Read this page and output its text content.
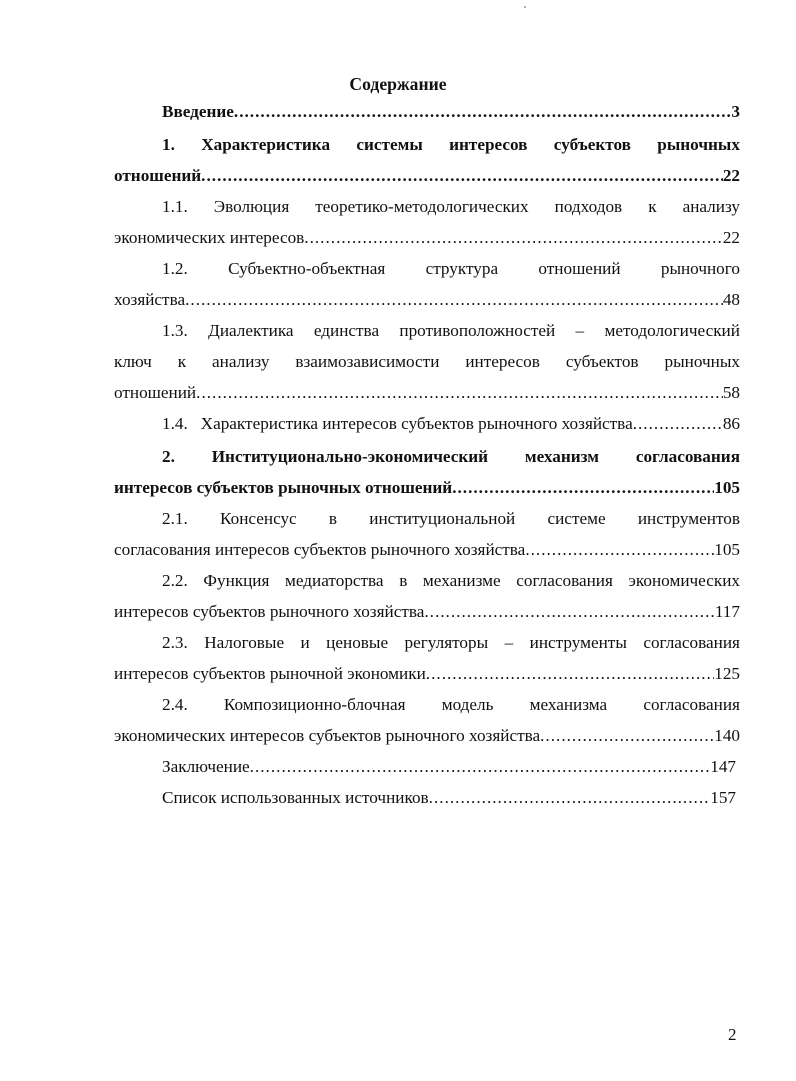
Содержание
Введение .....	3
1. Характеристика системы интересов субъектов рыночных
отношений .....	22
1.1. Эволюция теоретико-методологических подходов к анализу
экономических интересов .....	22
1.2. Субъектно-объектная структура отношений рыночного
хозяйства .....	48
1.3. Диалектика единства противоположностей – методологический
ключ к анализу взаимозависимости интересов субъектов рыночных
отношений .....	58
1.4.   Характеристика интересов субъектов рыночного хозяйства .....	86
2. Институционально-экономический механизм согласования
интересов субъектов рыночных отношений .....	105
2.1. Консенсус в институциональной системе инструментов
согласования интересов субъектов рыночного хозяйства .....	105
2.2. Функция медиаторства в механизме согласования экономических
интересов субъектов рыночного хозяйства .....	117
2.3. Налоговые и ценовые регуляторы – инструменты согласования
интересов субъектов рыночной экономики .....	125
2.4. Композиционно-блочная модель механизма согласования
экономических интересов субъектов рыночного хозяйства .....	140
Заключение .....	147
Список использованных источников .....	157
2
